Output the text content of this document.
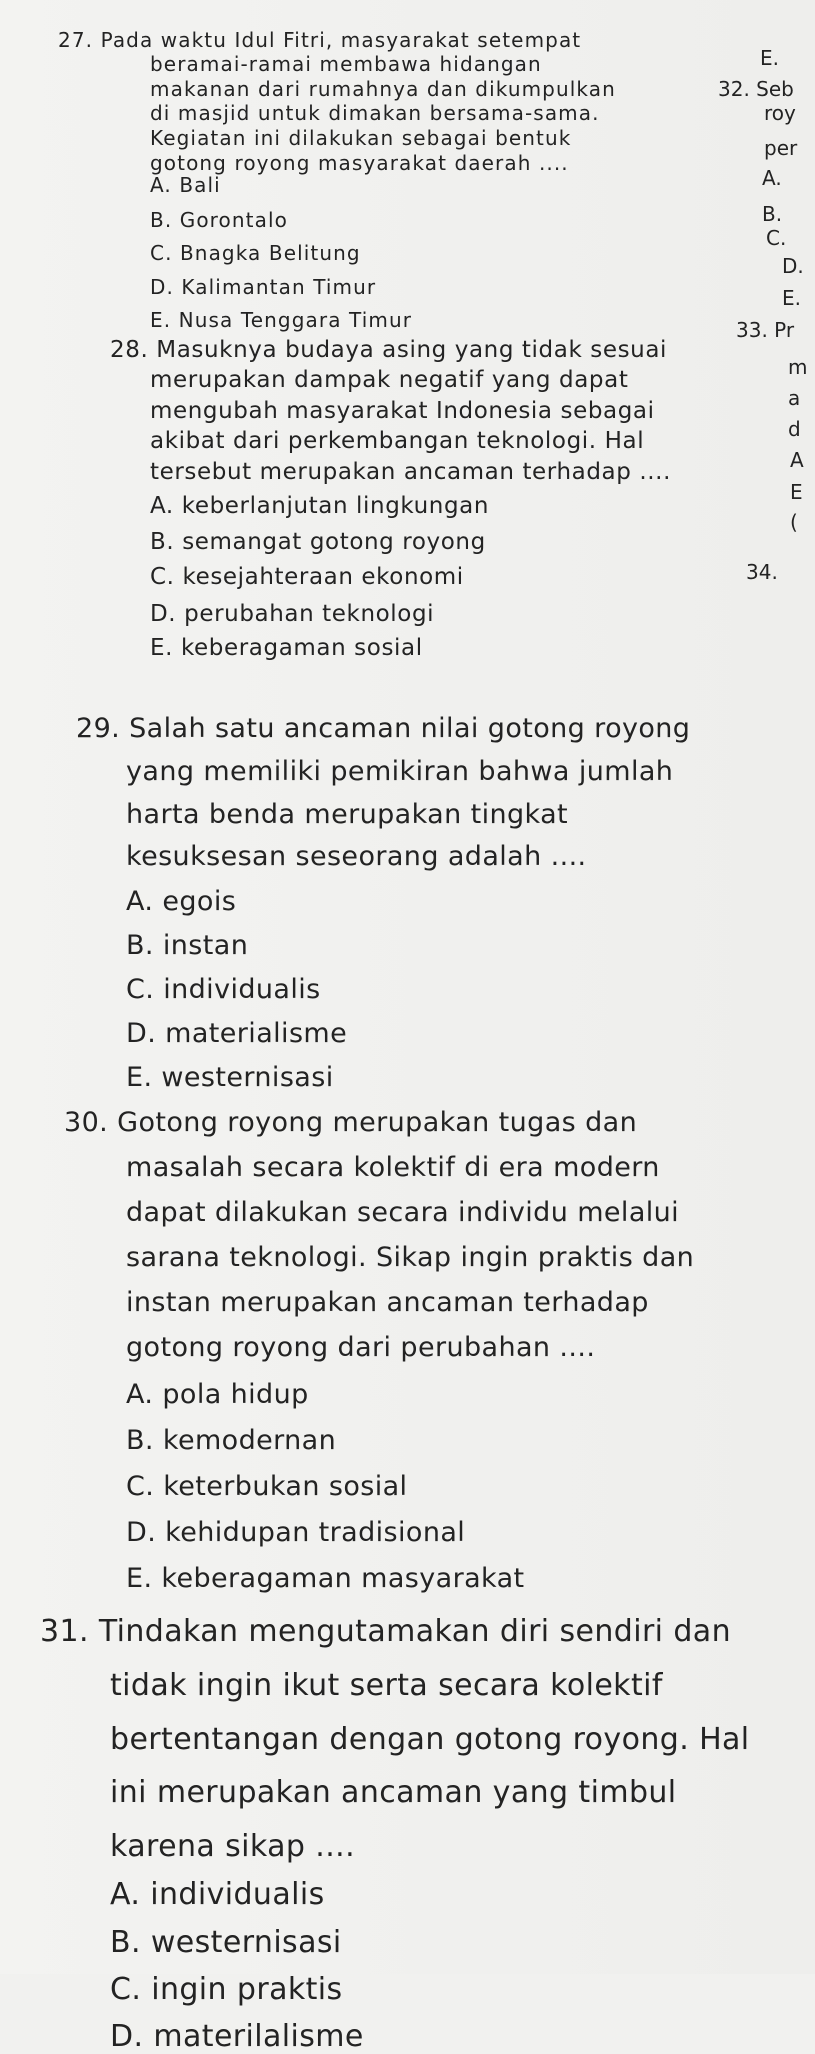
27. Pada waktu Idul Fitri, masyarakat setempat
beramai-ramai membawa hidangan
makanan dari rumahnya dan dikumpulkan
di masjid untuk dimakan bersama-sama.
Kegiatan ini dilakukan sebagai bentuk
gotong royong masyarakat daerah ....
A. Bali
B. Gorontalo
C. Bnagka Belitung
D. Kalimantan Timur
E. Nusa Tenggara Timur
28. Masuknya budaya asing yang tidak sesuai
merupakan dampak negatif yang dapat
mengubah masyarakat Indonesia sebagai
akibat dari perkembangan teknologi. Hal
tersebut merupakan ancaman terhadap ....
A. keberlanjutan lingkungan
B. semangat gotong royong
C. kesejahteraan ekonomi
D. perubahan teknologi
E. keberagaman sosial
29. Salah satu ancaman nilai gotong royong
yang memiliki pemikiran bahwa jumlah
harta benda merupakan tingkat
kesuksesan seseorang adalah ....
A. egois
B. instan
C. individualis
D. materialisme
E. westernisasi
30. Gotong royong merupakan tugas dan
masalah secara kolektif di era modern
dapat dilakukan secara individu melalui
sarana teknologi. Sikap ingin praktis dan
instan merupakan ancaman terhadap
gotong royong dari perubahan ....
A. pola hidup
B. kemodernan
C. keterbukan sosial
D. kehidupan tradisional
E. keberagaman masyarakat
31. Tindakan mengutamakan diri sendiri dan
tidak ingin ikut serta secara kolektif
bertentangan dengan gotong royong. Hal
ini merupakan ancaman yang timbul
karena sikap ....
A. individualis
B. westernisasi
C. ingin praktis
D. materilalisme
E.
32. Seb
roy
per
A.
B.
C.
D.
E.
33. Pr
m
a
d
A
E
(
34.
